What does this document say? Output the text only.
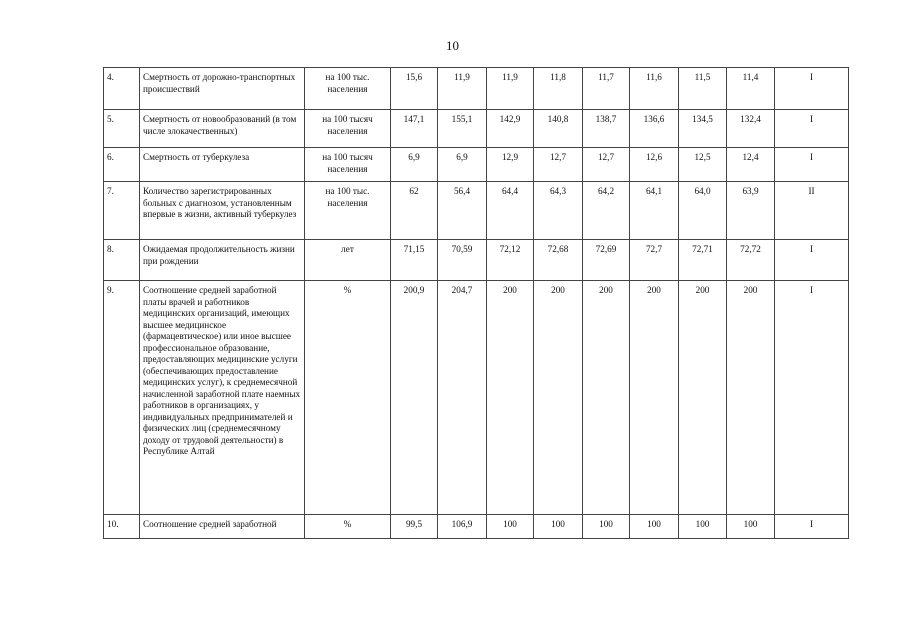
10
4.	Смертность от дорожно-транспортных происшествий	на 100 тыс. населения	15,6	11,9	11,9	11,8	11,7	11,6	11,5	11,4	I
5.	Смертность от новообразований (в том числе злокачественных)	на 100 тысяч населения	147,1	155,1	142,9	140,8	138,7	136,6	134,5	132,4	I
6.	Смертность от туберкулеза	на 100 тысяч населения	6,9	6,9	12,9	12,7	12,7	12,6	12,5	12,4	I
7.	Количество зарегистрированных больных с диагнозом, установленным впервые в жизни, активный туберкулез	на 100 тыс. населения	62	56,4	64,4	64,3	64,2	64,1	64,0	63,9	II
8.	Ожидаемая продолжительность жизни при рождении	лет	71,15	70,59	72,12	72,68	72,69	72,7	72,71	72,72	I
9.	Соотношение средней заработной платы врачей и работников медицинских организаций, имеющих высшее медицинское (фармацевтическое) или иное высшее профессиональное образование, предоставляющих медицинские услуги (обеспечивающих предоставление медицинских услуг), к среднемесячной начисленной заработной плате наемных работников в организациях, у индивидуальных предпринимателей и физических лиц (среднемесячному доходу от трудовой деятельности) в Республике Алтай	%	200,9	204,7	200	200	200	200	200	200	I
10.	Соотношение средней заработной	%	99,5	106,9	100	100	100	100	100	100	I
